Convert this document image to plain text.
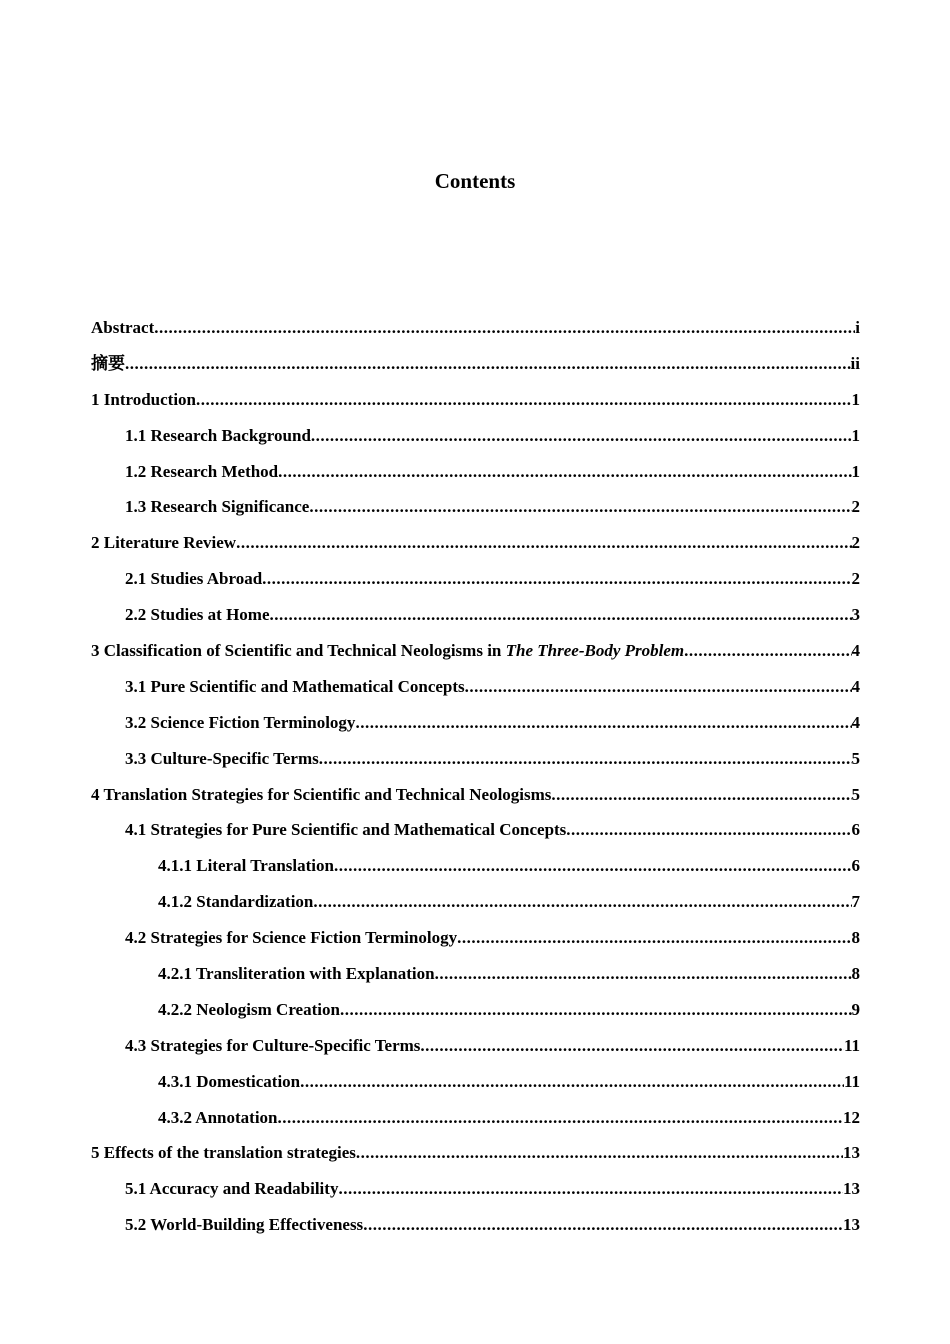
Contents
Abstract .....	i
摘要 .....	ii
1 Introduction .....	1
1.1 Research Background .....	1
1.2 Research Method .....	1
1.3 Research Significance .....	2
2 Literature Review .....	2
2.1 Studies Abroad .....	2
2.2 Studies at Home .....	3
3 Classification of Scientific and Technical Neologisms in The Three-Body Problem .....	4
3.1 Pure Scientific and Mathematical Concepts .....	4
3.2 Science Fiction Terminology .....	4
3.3 Culture-Specific Terms .....	5
4 Translation Strategies for Scientific and Technical Neologisms .....	5
4.1 Strategies for Pure Scientific and Mathematical Concepts .....	6
4.1.1 Literal Translation .....	6
4.1.2 Standardization .....	7
4.2 Strategies for Science Fiction Terminology .....	8
4.2.1 Transliteration with Explanation .....	8
4.2.2 Neologism Creation .....	9
4.3 Strategies for Culture-Specific Terms .....	11
4.3.1 Domestication .....	11
4.3.2 Annotation .....	12
5 Effects of the translation strategies .....	13
5.1 Accuracy and Readability .....	13
5.2 World-Building Effectiveness .....	13
